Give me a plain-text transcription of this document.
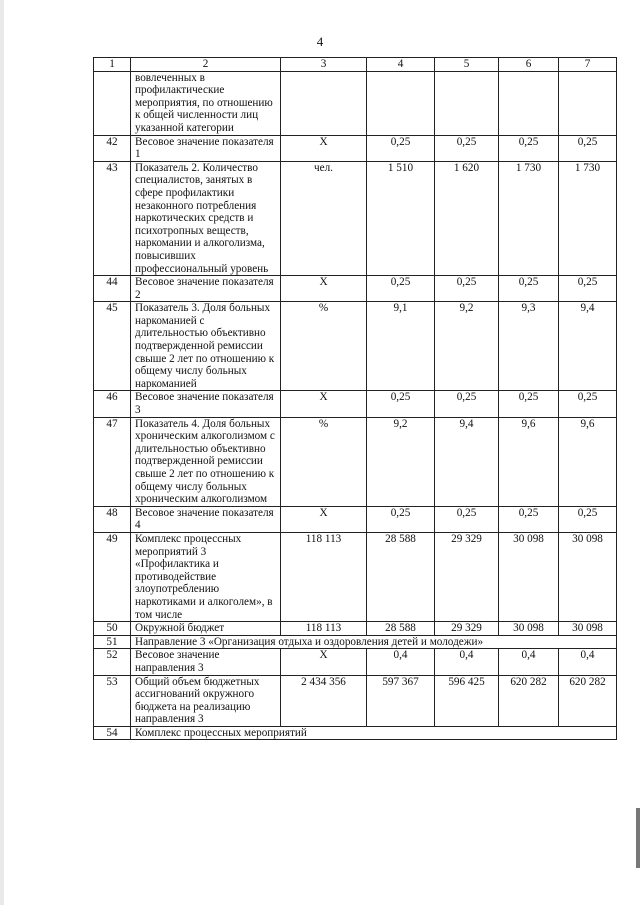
4
1	2	3	4	5	6	7
	вовлеченных в профилактические мероприятия, по отношению к общей численности лиц указанной категории					
42	Весовое значение показателя 1	X	0,25	0,25	0,25	0,25
43	Показатель 2. Количество специалистов, занятых в сфере профилактики незаконного потребления наркотических средств и психотропных веществ, наркомании и алкоголизма, повысивших профессиональный уровень	чел.	1 510	1 620	1 730	1 730
44	Весовое значение показателя 2	X	0,25	0,25	0,25	0,25
45	Показатель 3. Доля больных наркоманией с длительностью объективно подтвержденной ремиссии свыше 2 лет по отношению к общему числу больных наркоманией	%	9,1	9,2	9,3	9,4
46	Весовое значение показателя 3	X	0,25	0,25	0,25	0,25
47	Показатель 4. Доля больных хроническим алкоголизмом с длительностью объективно подтвержденной ремиссии свыше 2 лет по отношению к общему числу больных хроническим алкоголизмом	%	9,2	9,4	9,6	9,6
48	Весовое значение показателя 4	X	0,25	0,25	0,25	0,25
49	Комплекс процессных мероприятий 3 «Профилактика и противодействие злоупотреблению наркотиками и алкоголем», в том числе	118 113	28 588	29 329	30 098	30 098
50	Окружной бюджет	118 113	28 588	29 329	30 098	30 098
51	Направление 3 «Организация отдыха и оздоровления детей и молодежи»					
52	Весовое значение направления 3	X	0,4	0,4	0,4	0,4
53	Общий объем бюджетных ассигнований окружного бюджета на реализацию направления 3	2 434 356	597 367	596 425	620 282	620 282
54	Комплекс процессных мероприятий					
